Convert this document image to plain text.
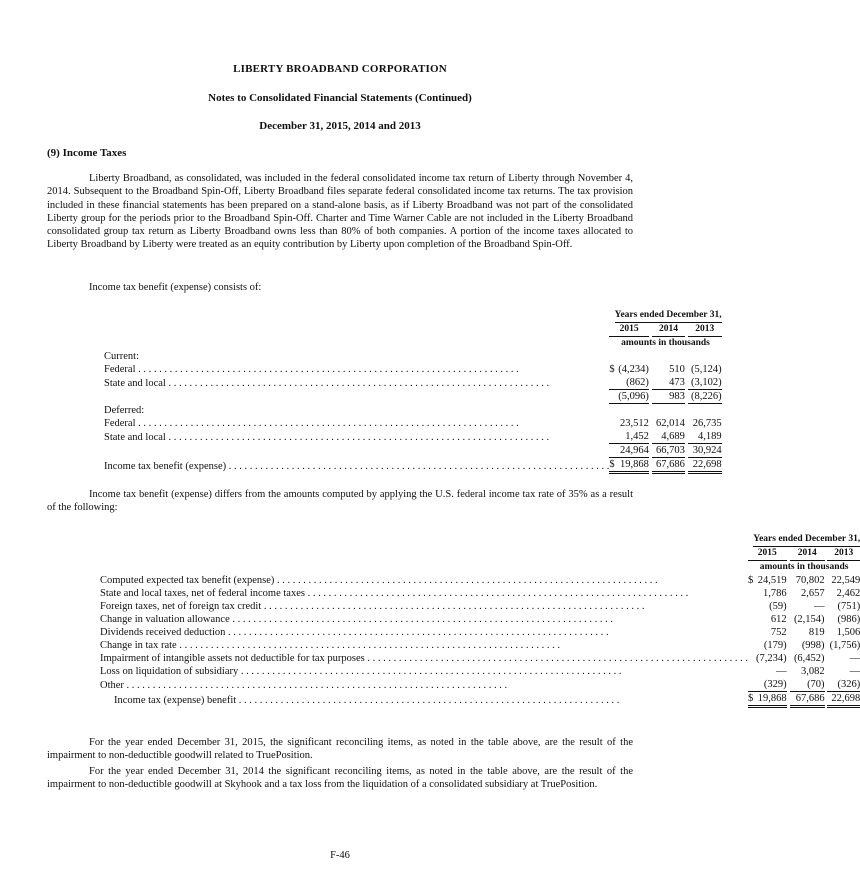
LIBERTY BROADBAND CORPORATION
Notes to Consolidated Financial Statements (Continued)
December 31, 2015, 2014 and 2013
(9) Income Taxes

Liberty Broadband, as consolidated, was included in the federal consolidated income tax return of Liberty through November 4, 2014. Subsequent to the Broadband Spin-Off, Liberty Broadband files separate federal consolidated income tax returns. The tax provision included in these financial statements has been prepared on a stand-alone basis, as if Liberty Broadband was not part of the consolidated Liberty group for the periods prior to the Broadband Spin-Off. Charter and Time Warner Cable are not included in the Liberty Broadband consolidated group tax return as Liberty Broadband owns less than 80% of both companies. A portion of the income taxes allocated to Liberty Broadband by Liberty were treated as an equity contribution by Liberty upon completion of the Broadband Spin-Off.

Income tax benefit (expense) consists of:
		Years ended December 31,				
	2015			2014		2013
	amounts in thousands					
Current:						
Federal . . .	$	(4,234)		510		(5,124)
State and local . . .		(862)		473		(3,102)
		(5,096)		983		(8,226)
Deferred:						
Federal . . .		23,512		62,014		26,735
State and local . . .		1,452		4,689		4,189
		24,964		66,703		30,924
Income tax benefit (expense) . . .	$	19,868		67,686		22,698

Income tax benefit (expense) differs from the amounts computed by applying the U.S. federal income tax rate of 35% as a result of the following:

		Years ended December 31,				
	2015			2014		2013
	amounts in thousands					
Computed expected tax benefit (expense) . . .	$	24,519		70,802		22,549
State and local taxes, net of federal income taxes . . .		1,786		2,657		2,462
Foreign taxes, net of foreign tax credit . . .		(59)		—		(751)
Change in valuation allowance . . .		612		(2,154)		(986)
Dividends received deduction . . .		752		819		1,506
Change in tax rate . . .		(179)		(998)		(1,756)
Impairment of intangible assets not deductible for tax purposes . . .		(7,234)		(6,452)		—
Loss on liquidation of subsidiary . . .		—		3,082		—
Other . . .		(329)		(70)		(326)
Income tax (expense) benefit . . .	$	19,868		67,686		22,698

For the year ended December 31, 2015, the significant reconciling items, as noted in the table above, are the result of the impairment to non-deductible goodwill related to TruePosition.

For the year ended December 31, 2014 the significant reconciling items, as noted in the table above, are the result of the impairment to non-deductible goodwill at Skyhook and a tax loss from the liquidation of a consolidated subsidiary at TruePosition.

F-46
